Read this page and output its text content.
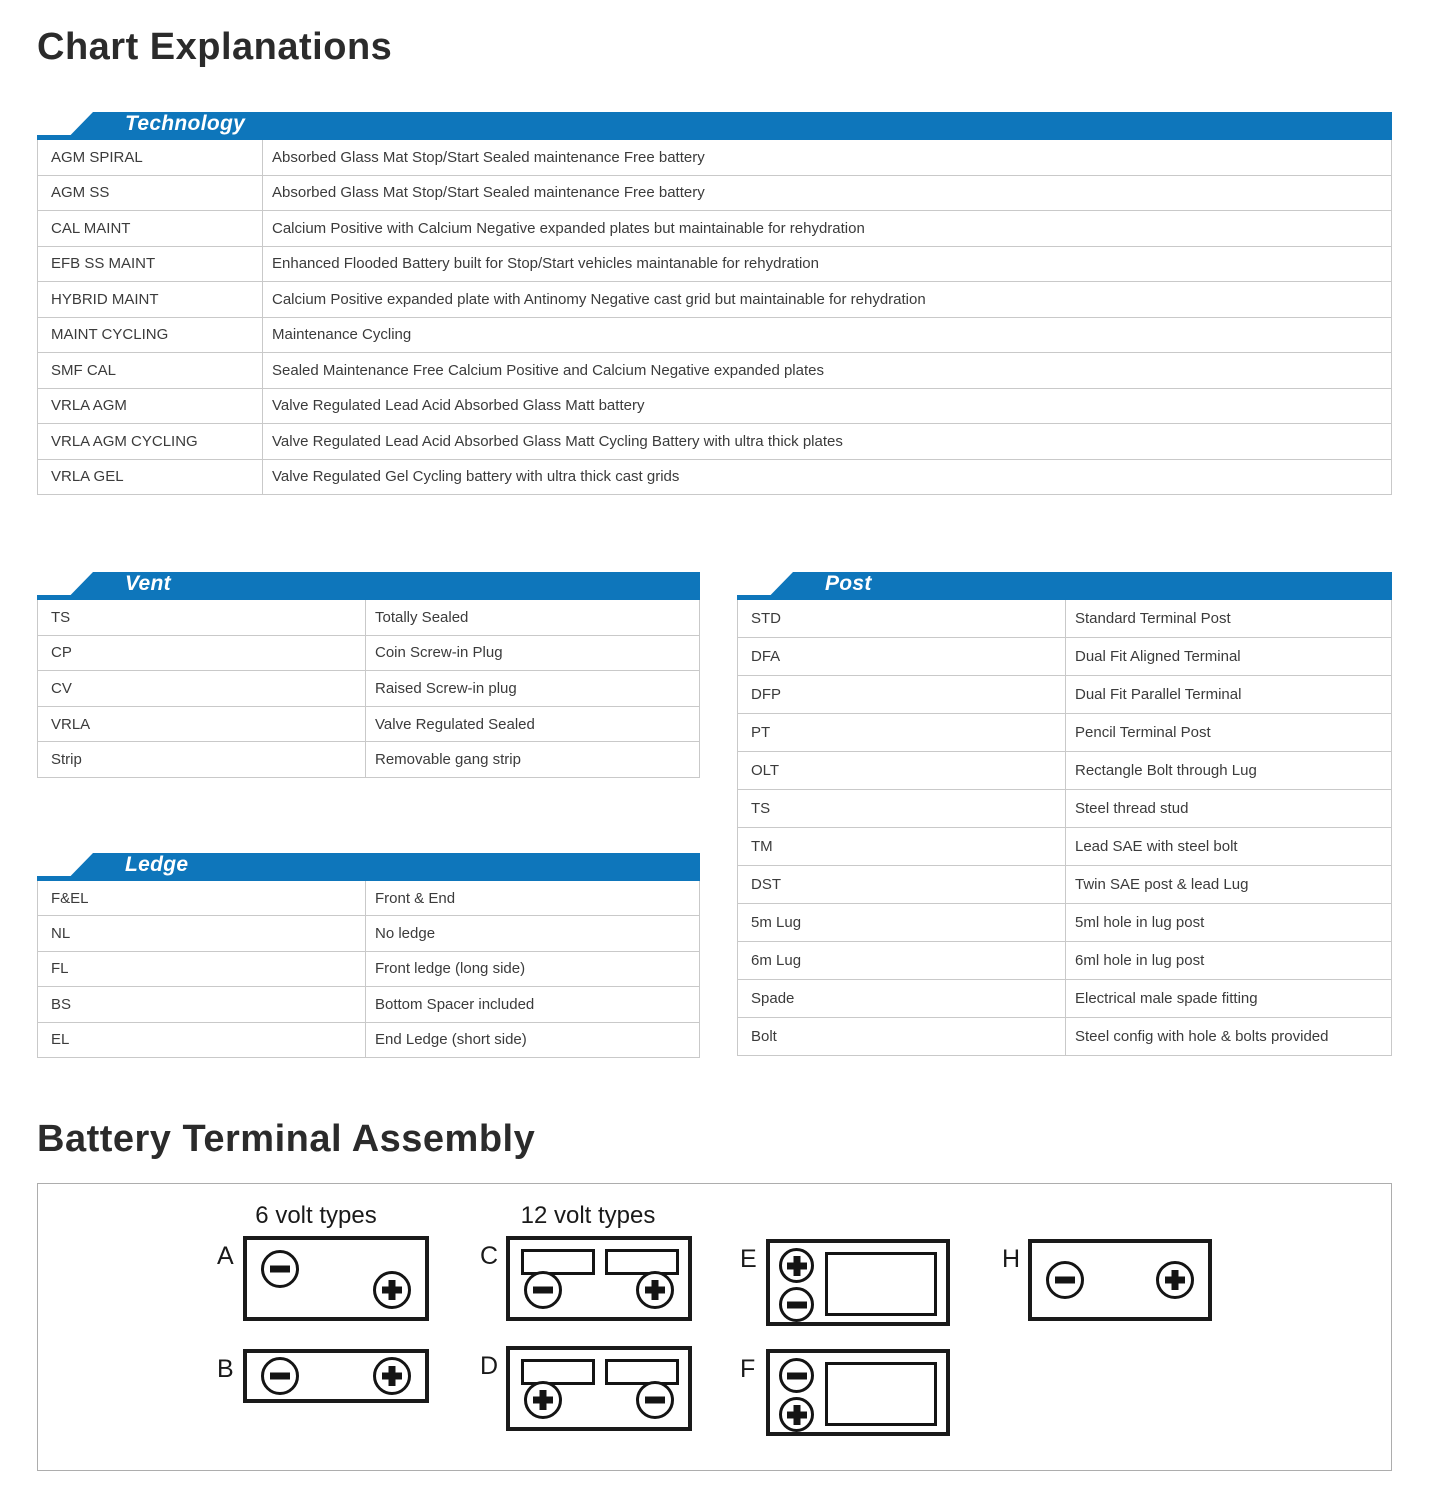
Chart Explanations
Technology
AGM SPIRAL	Absorbed Glass Mat Stop/Start Sealed maintenance Free battery
AGM SS	Absorbed Glass Mat Stop/Start Sealed maintenance Free battery
CAL MAINT	Calcium Positive with Calcium Negative expanded plates but maintainable for rehydration
EFB SS MAINT	Enhanced Flooded Battery built for Stop/Start vehicles maintanable for rehydration
HYBRID MAINT	Calcium Positive expanded plate with Antinomy Negative cast grid but maintainable for rehydration
MAINT CYCLING	Maintenance Cycling
SMF CAL	Sealed Maintenance Free Calcium Positive and Calcium Negative expanded plates
VRLA AGM	Valve Regulated Lead Acid Absorbed Glass Matt battery
VRLA AGM CYCLING	Valve Regulated Lead Acid Absorbed Glass Matt Cycling Battery with ultra thick plates
VRLA GEL	Valve Regulated Gel Cycling battery with ultra thick cast grids
Vent
TS	Totally Sealed
CP	Coin Screw-in Plug
CV	Raised Screw-in plug
VRLA	Valve Regulated Sealed
Strip	Removable gang strip
Post
STD	Standard Terminal Post
DFA	Dual Fit Aligned Terminal
DFP	Dual Fit Parallel Terminal
PT	Pencil Terminal Post
OLT	Rectangle Bolt through Lug
TS	Steel thread stud
TM	Lead SAE with steel bolt
DST	Twin SAE post & lead Lug
5m Lug	5ml hole in lug post
6m Lug	6ml hole in lug post
Spade	Electrical male spade fitting
Bolt	Steel config with hole & bolts provided
Ledge
F&EL	Front & End
NL	No ledge
FL	Front ledge (long side)
BS	Bottom Spacer included
EL	End Ledge (short side)
Battery Terminal Assembly
6 volt types	12 volt types
A
B
C
D
E
F
H
